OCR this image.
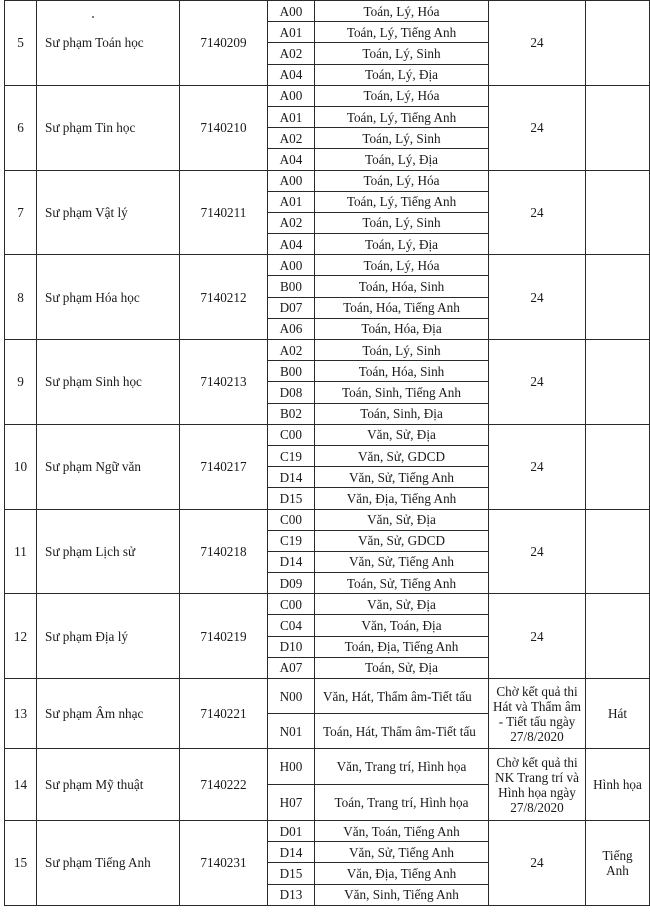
5	Sư phạm Toán học	7140209	A00	Toán, Lý, Hóa	24	
			A01	Toán, Lý, Tiếng Anh		
			A02	Toán, Lý, Sinh		
			A04	Toán, Lý, Địa		
6	Sư phạm Tin học	7140210	A00	Toán, Lý, Hóa	24	
			A01	Toán, Lý, Tiếng Anh		
			A02	Toán, Lý, Sinh		
			A04	Toán, Lý, Địa		
7	Sư phạm Vật lý	7140211	A00	Toán, Lý, Hóa	24	
			A01	Toán, Lý, Tiếng Anh		
			A02	Toán, Lý, Sinh		
			A04	Toán, Lý, Địa		
8	Sư phạm Hóa học	7140212	A00	Toán, Lý, Hóa	24	
			B00	Toán, Hóa, Sinh		
			D07	Toán, Hóa, Tiếng Anh		
			A06	Toán, Hóa, Địa		
9	Sư phạm Sinh học	7140213	A02	Toán, Lý, Sinh	24	
			B00	Toán, Hóa, Sinh		
			D08	Toán, Sinh, Tiếng Anh		
			B02	Toán, Sinh, Địa		
10	Sư phạm Ngữ văn	7140217	C00	Văn, Sử, Địa	24	
			C19	Văn, Sử, GDCD		
			D14	Văn, Sử, Tiếng Anh		
			D15	Văn, Địa, Tiếng Anh		
11	Sư phạm Lịch sử	7140218	C00	Văn, Sử, Địa	24	
			C19	Văn, Sử, GDCD		
			D14	Văn, Sử, Tiếng Anh		
			D09	Toán, Sử, Tiếng Anh		
12	Sư phạm Địa lý	7140219	C00	Văn, Sử, Địa	24	
			C04	Văn, Toán, Địa		
			D10	Toán, Địa, Tiếng Anh		
			A07	Toán, Sử, Địa		
13	Sư phạm Âm nhạc	7140221	N00	Văn, Hát, Thẩm âm-Tiết tấu	Chờ kết quả thi Hát và Thẩm âm - Tiết tấu ngày 27/8/2020	Hát
			N01	Toán, Hát, Thẩm âm-Tiết tấu		
14	Sư phạm Mỹ thuật	7140222	H00	Văn, Trang trí, Hình họa	Chờ kết quả thi NK Trang trí và Hình họa ngày 27/8/2020	Hình họa
			H07	Toán, Trang trí, Hình họa		
15	Sư phạm Tiếng Anh	7140231	D01	Văn, Toán, Tiếng Anh	24	Tiếng Anh
			D14	Văn, Sử, Tiếng Anh		
			D15	Văn, Địa, Tiếng Anh		
			D13	Văn, Sinh, Tiếng Anh		
